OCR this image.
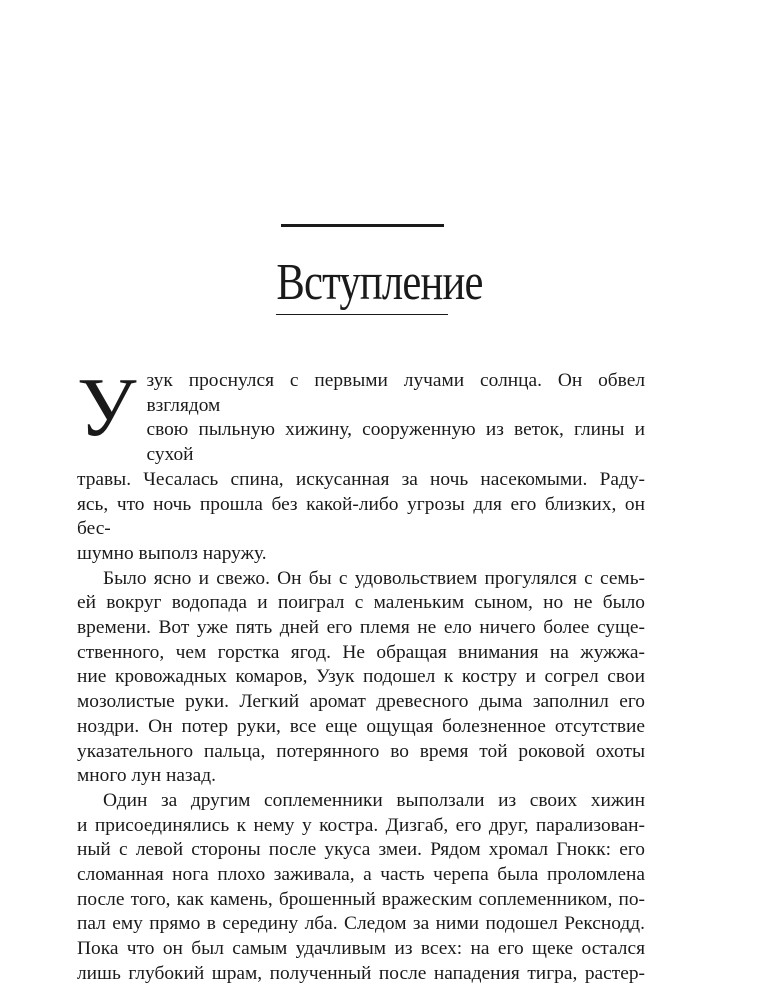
Вступление
У зук проснулся с первыми лучами солнца. Он обвел взглядом
свою пыльную хижину, сооруженную из веток, глины и сухой
травы. Чесалась спина, искусанная за ночь насекомыми. Раду-
ясь, что ночь прошла без какой-либо угрозы для его близких, он бес-
шумно выполз наружу.
Было ясно и свежо. Он бы с удовольствием прогулялся с семь-
ей вокруг водопада и поиграл с маленьким сыном, но не было
времени. Вот уже пять дней его племя не ело ничего более суще-
ственного, чем горстка ягод. Не обращая внимания на жужжа-
ние кровожадных комаров, Узук подошел к костру и согрел свои
мозолистые руки. Легкий аромат древесного дыма заполнил его
ноздри. Он потер руки, все еще ощущая болезненное отсутствие
указательного пальца, потерянного во время той роковой охоты
много лун назад.
Один за другим соплеменники выползали из своих хижин
и присоединялись к нему у костра. Дизгаб, его друг, парализован-
ный с левой стороны после укуса змеи. Рядом хромал Гнокк: его
сломанная нога плохо заживала, а часть черепа была проломлена
после того, как камень, брошенный вражеским соплеменником, по-
пал ему прямо в середину лба. Следом за ними подошел Рекснодд.
Пока что он был самым удачливым из всех: на его щеке остался
лишь глубокий шрам, полученный после нападения тигра, растер-
